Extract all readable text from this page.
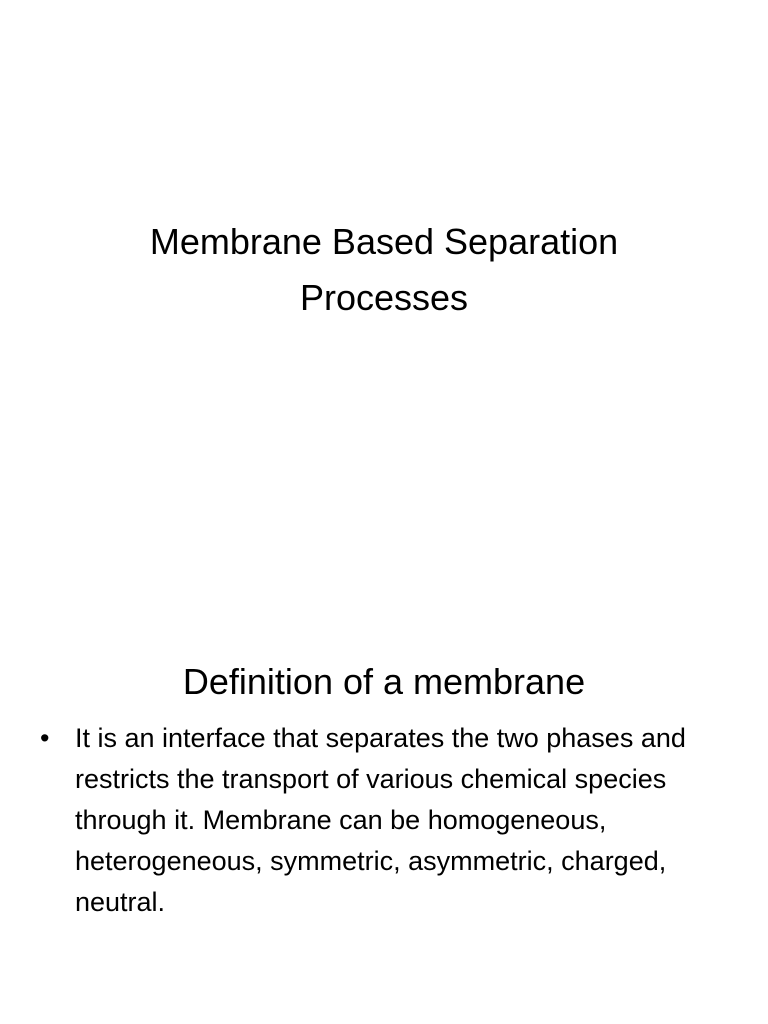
Membrane Based Separation
Processes
Definition of a membrane
• It is an interface that separates the two phases and restricts the transport of various chemical species through it. Membrane can be homogeneous, heterogeneous, symmetric, asymmetric, charged, neutral.
